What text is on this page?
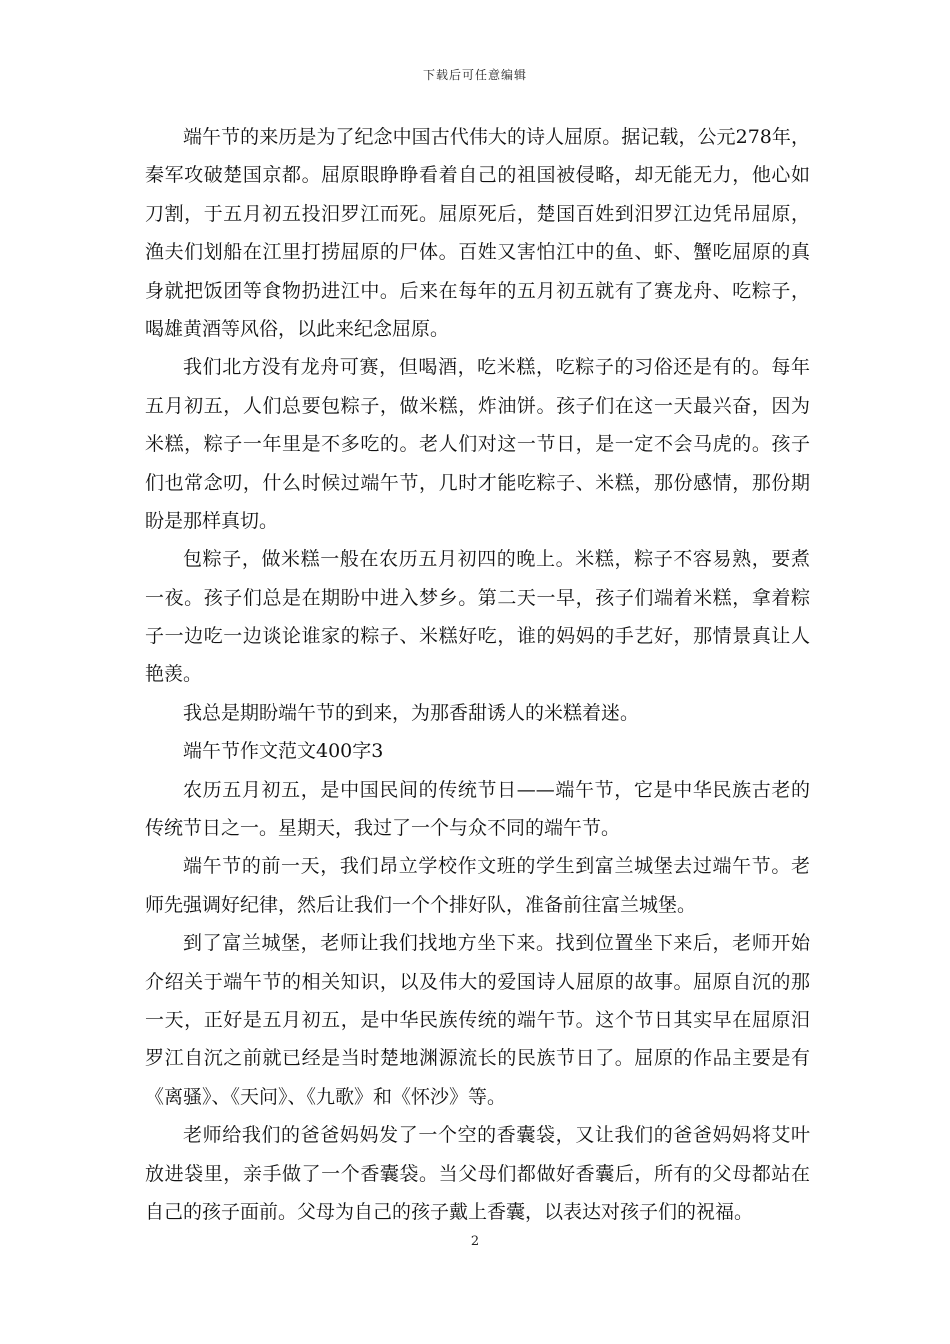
下载后可任意编辑
端午节的来历是为了纪念中国古代伟大的诗人屈原。据记载，公元278年，
秦军攻破楚国京都。屈原眼睁睁看着自己的祖国被侵略，却无能无力，他心如
刀割，于五月初五投汨罗江而死。屈原死后，楚国百姓到汨罗江边凭吊屈原，
渔夫们划船在江里打捞屈原的尸体。百姓又害怕江中的鱼、虾、蟹吃屈原的真
身就把饭团等食物扔进江中。后来在每年的五月初五就有了赛龙舟、吃粽子，
喝雄黄酒等风俗，以此来纪念屈原。
我们北方没有龙舟可赛，但喝酒，吃米糕，吃粽子的习俗还是有的。每年
五月初五，人们总要包粽子，做米糕，炸油饼。孩子们在这一天最兴奋，因为
米糕，粽子一年里是不多吃的。老人们对这一节日，是一定不会马虎的。孩子
们也常念叨，什么时候过端午节，几时才能吃粽子、米糕，那份感情，那份期
盼是那样真切。
包粽子，做米糕一般在农历五月初四的晚上。米糕，粽子不容易熟，要煮
一夜。孩子们总是在期盼中进入梦乡。第二天一早，孩子们端着米糕，拿着粽
子一边吃一边谈论谁家的粽子、米糕好吃，谁的妈妈的手艺好，那情景真让人
艳羡。
我总是期盼端午节的到来，为那香甜诱人的米糕着迷。
端午节作文范文400字3
农历五月初五，是中国民间的传统节日——端午节，它是中华民族古老的
传统节日之一。星期天，我过了一个与众不同的端午节。
端午节的前一天，我们昂立学校作文班的学生到富兰城堡去过端午节。老
师先强调好纪律，然后让我们一个个排好队，准备前往富兰城堡。
到了富兰城堡，老师让我们找地方坐下来。找到位置坐下来后，老师开始
介绍关于端午节的相关知识，以及伟大的爱国诗人屈原的故事。屈原自沉的那
一天，正好是五月初五，是中华民族传统的端午节。这个节日其实早在屈原汨
罗江自沉之前就已经是当时楚地渊源流长的民族节日了。屈原的作品主要是有
《离骚》、《天问》、《九歌》和《怀沙》等。
老师给我们的爸爸妈妈发了一个空的香囊袋，又让我们的爸爸妈妈将艾叶
放进袋里，亲手做了一个香囊袋。当父母们都做好香囊后，所有的父母都站在
自己的孩子面前。父母为自己的孩子戴上香囊，以表达对孩子们的祝福。
2
